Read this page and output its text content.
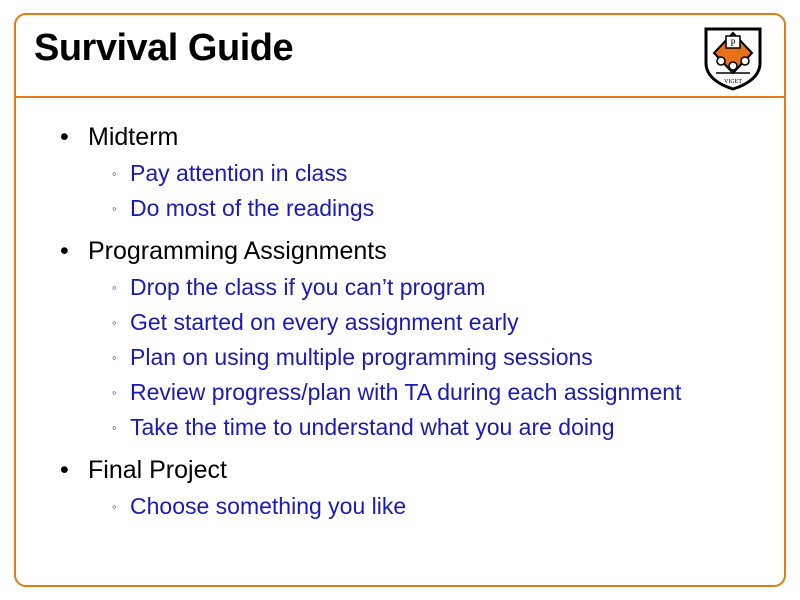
Survival Guide	P
VIGET
• Midterm
◦ Pay attention in class
◦ Do most of the readings
• Programming Assignments
◦ Drop the class if you can’t program
◦ Get started on every assignment early
◦ Plan on using multiple programming sessions
◦ Review progress/plan with TA during each assignment
◦ Take the time to understand what you are doing
• Final Project
◦ Choose something you like
